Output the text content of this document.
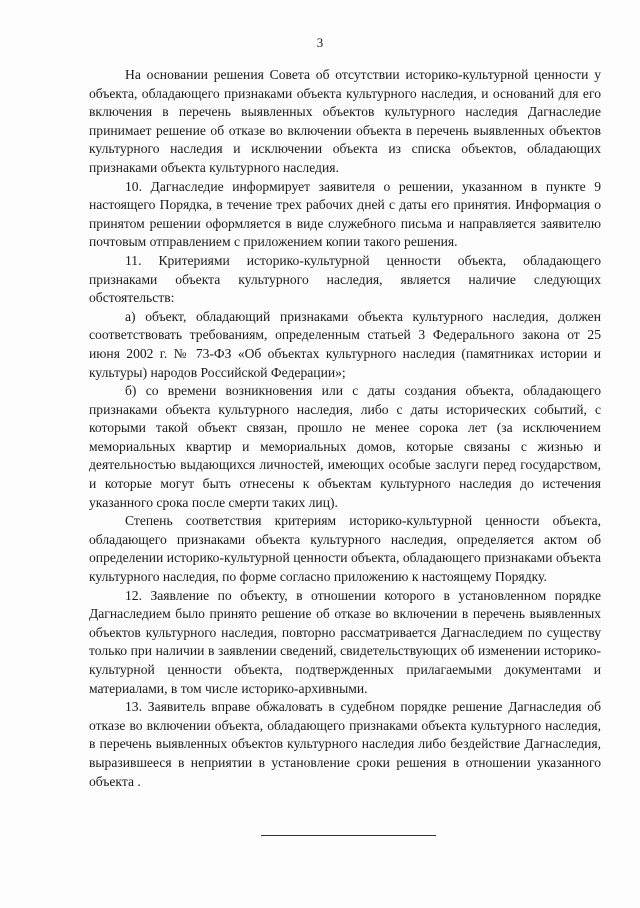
3

На основании решения Совета об отсутствии историко-культурной ценности у объекта, обладающего признаками объекта культурного наследия, и оснований для его включения в перечень выявленных объектов культурного наследия Дагнаследие принимает решение об отказе во включении объекта в перечень выявленных объектов культурного наследия и исключении объекта из списка объектов, обладающих признаками объекта культурного наследия.

10. Дагнаследие информирует заявителя о решении, указанном в пункте 9 настоящего Порядка, в течение трех рабочих дней с даты его принятия. Информация о принятом решении оформляется в виде служебного письма и направляется заявителю почтовым отправлением с приложением копии такого решения.

11. Критериями историко-культурной ценности объекта, обладающего признаками объекта культурного наследия, является наличие следующих обстоятельств:

а) объект, обладающий признаками объекта культурного наследия, должен соответствовать требованиям, определенным статьей 3 Федерального закона от 25 июня 2002 г. № 73-ФЗ «Об объектах культурного наследия (памятниках истории и культуры) народов Российской Федерации»;

б) со времени возникновения или с даты создания объекта, обладающего признаками объекта культурного наследия, либо с даты исторических событий, с которыми такой объект связан, прошло не менее сорока лет (за исключением мемориальных квартир и мемориальных домов, которые связаны с жизнью и деятельностью выдающихся личностей, имеющих особые заслуги перед государством, и которые могут быть отнесены к объектам культурного наследия до истечения указанного срока после смерти таких лиц).

Степень соответствия критериям историко-культурной ценности объекта, обладающего признаками объекта культурного наследия, определяется актом об определении историко-культурной ценности объекта, обладающего признаками объекта культурного наследия, по форме согласно приложению к настоящему Порядку.

12. Заявление по объекту, в отношении которого в установленном порядке Дагнаследием было принято решение об отказе во включении в перечень выявленных объектов культурного наследия, повторно рассматривается Дагнаследием по существу только при наличии в заявлении сведений, свидетельствующих об изменении историко-культурной ценности объекта, подтвержденных прилагаемыми документами и материалами, в том числе историко-архивными.

13. Заявитель вправе обжаловать в судебном порядке решение Дагнаследия об отказе во включении объекта, обладающего признаками объекта культурного наследия, в перечень выявленных объектов культурного наследия либо бездействие Дагнаследия, выразившееся в неприятии в установление сроки решения в отношении указанного объекта .
